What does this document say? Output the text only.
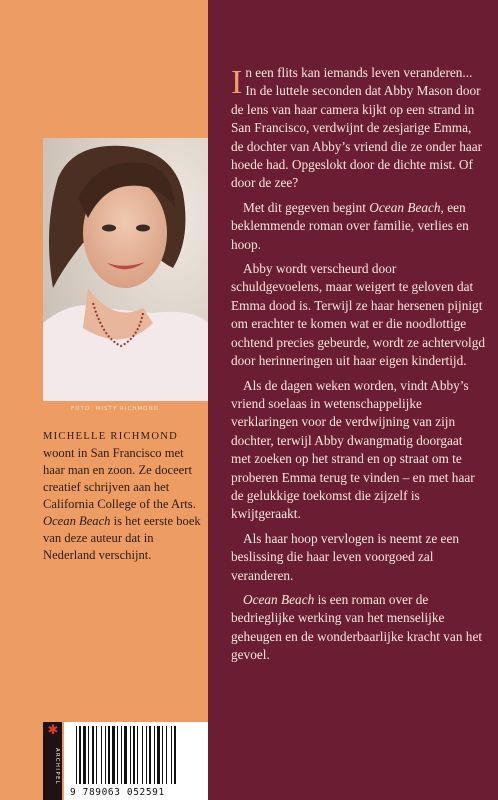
FOTO: MISTY RICHMOND
MICHELLE RICHMOND
woont in San Francisco met haar man en zoon. Ze doceert creatief schrijven aan het California College of the Arts. Ocean Beach is het eerste boek van deze auteur dat in Nederland verschijnt.
✱
ARCHIPEL
9 789063 052591

In een flits kan iemands leven veranderen... In de luttele seconden dat Abby Mason door de lens van haar camera kijkt op een strand in San Francisco, verdwijnt de zesjarige Emma, de dochter van Abby’s vriend die ze onder haar hoede had. Opgeslokt door de dichte mist. Of door de zee?

Met dit gegeven begint Ocean Beach, een beklemmende roman over familie, verlies en hoop.

Abby wordt verscheurd door schuldgevoelens, maar weigert te geloven dat Emma dood is. Terwijl ze haar hersenen pijnigt om erachter te komen wat er die noodlottige ochtend precies gebeurde, wordt ze achtervolgd door herinneringen uit haar eigen kindertijd.

Als de dagen weken worden, vindt Abby’s vriend soelaas in wetenschappelijke verklaringen voor de verdwijning van zijn dochter, terwijl Abby dwangmatig doorgaat met zoeken op het strand en op straat om te proberen Emma terug te vinden – en met haar de gelukkige toekomst die zijzelf is kwijtgeraakt.

Als haar hoop vervlogen is neemt ze een beslissing die haar leven voorgoed zal veranderen.

Ocean Beach is een roman over de bedrieglijke werking van het menselijke geheugen en de wonderbaarlijke kracht van het gevoel.
